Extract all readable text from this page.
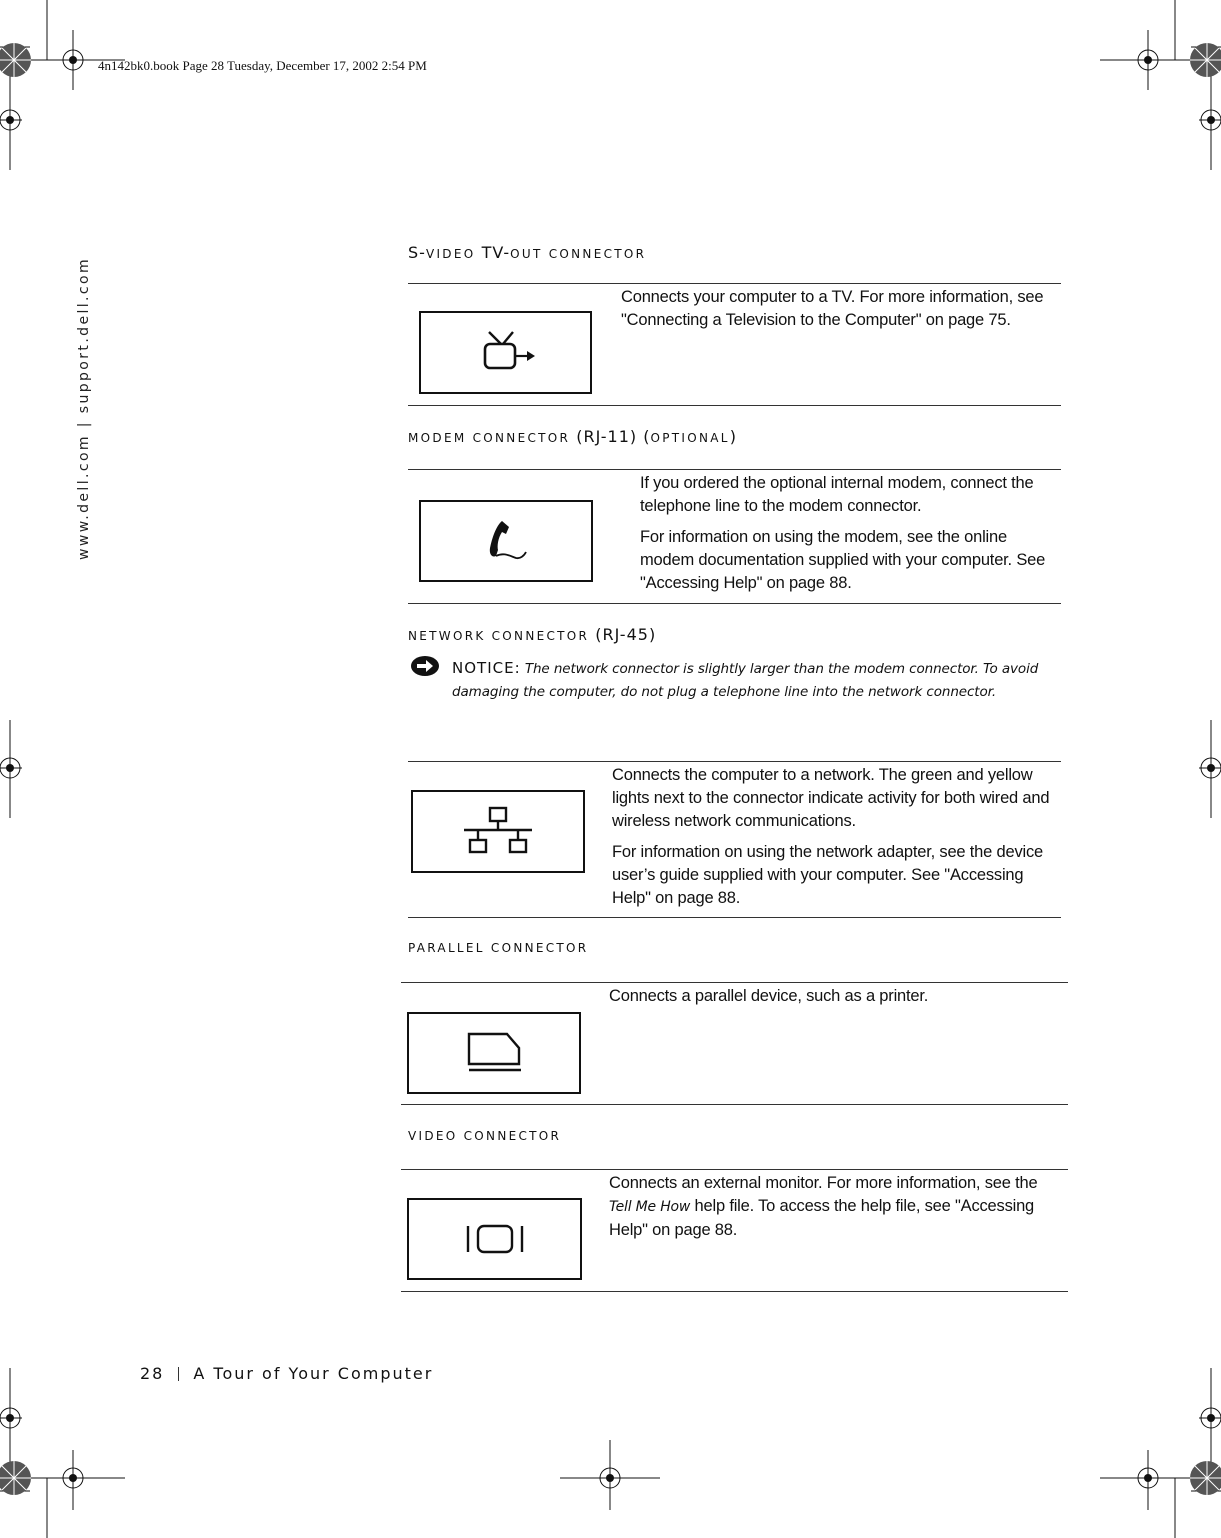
4n142bk0.book Page 28 Tuesday, December 17, 2002 2:54 PM
www.dell.com | support.dell.com
S-VIDEO TV-OUT CONNECTOR
Connects your computer to a TV. For more information, see "Connecting a Television to the Computer" on page 75.
MODEM CONNECTOR (RJ-11) (OPTIONAL)

If you ordered the optional internal modem, connect the telephone line to the modem connector.

For information on using the modem, see the online modem documentation supplied with your computer. See "Accessing Help" on page 88.

NETWORK CONNECTOR (RJ-45)
NOTICE: The network connector is slightly larger than the modem connector. To avoid damaging the computer, do not plug a telephone line into the network connector.

Connects the computer to a network. The green and yellow lights next to the connector indicate activity for both wired and wireless network communications.

For information on using the network adapter, see the device user’s guide supplied with your computer. See "Accessing Help" on page 88.

PARALLEL CONNECTOR
Connects a parallel device, such as a printer.
VIDEO CONNECTOR
Connects an external monitor. For more information, see the Tell Me How help file. To access the help file, see "Accessing Help" on page 88.
28 A Tour of Your Computer
